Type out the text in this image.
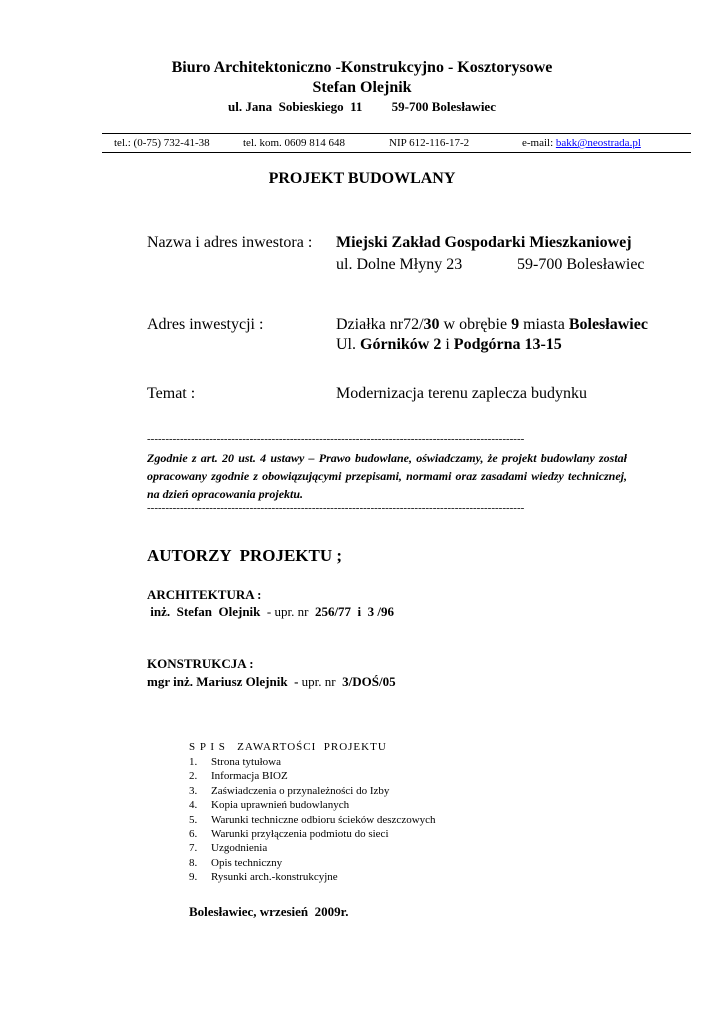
Biuro Architektoniczno -Konstrukcyjno - Kosztorysowe
Stefan Olejnik
ul. Jana  Sobieskiego  11         59-700 Bolesławiec
tel.: (0-75) 732-41-38	tel. kom. 0609 814 648	NIP 612-116-17-2	e-mail: bakk@neostrada.pl
PROJEKT BUDOWLANY
Nazwa i adres inwestora : Miejski Zakład Gospodarki Mieszkaniowej
ul. Dolne Młyny 23	59-700 Bolesławiec
Adres inwestycji :	Działka nr72/30 w obrębie 9 miasta Bolesławiec
Ul. Górników 2 i Podgórna 13-15
Temat :	Modernizacja terenu zaplecza budynku
-------------------------------------------------------------------------------------------------------
Zgodnie z art. 20 ust. 4 ustawy – Prawo budowlane, oświadczamy, że projekt budowlany został opracowany zgodnie z obowiązującymi przepisami, normami oraz zasadami wiedzy technicznej, na dzień opracowania projektu.
-------------------------------------------------------------------------------------------------------
AUTORZY  PROJEKTU ;
ARCHITEKTURA :
inż.  Stefan  Olejnik  - upr. nr  256/77  i  3 /96
KONSTRUKCJA :
mgr inż. Mariusz Olejnik  - upr. nr  3/DOŚ/05
S P I S   ZAWARTOŚCI  PROJEKTU
1. Strona tytułowa
2. Informacja BIOZ
3. Zaświadczenia o przynależności do Izby
4. Kopia uprawnień budowlanych
5. Warunki techniczne odbioru ścieków deszczowych
6. Warunki przyłączenia podmiotu do sieci
7. Uzgodnienia
8. Opis techniczny
9. Rysunki arch.-konstrukcyjne
Bolesławiec, wrzesień  2009r.
